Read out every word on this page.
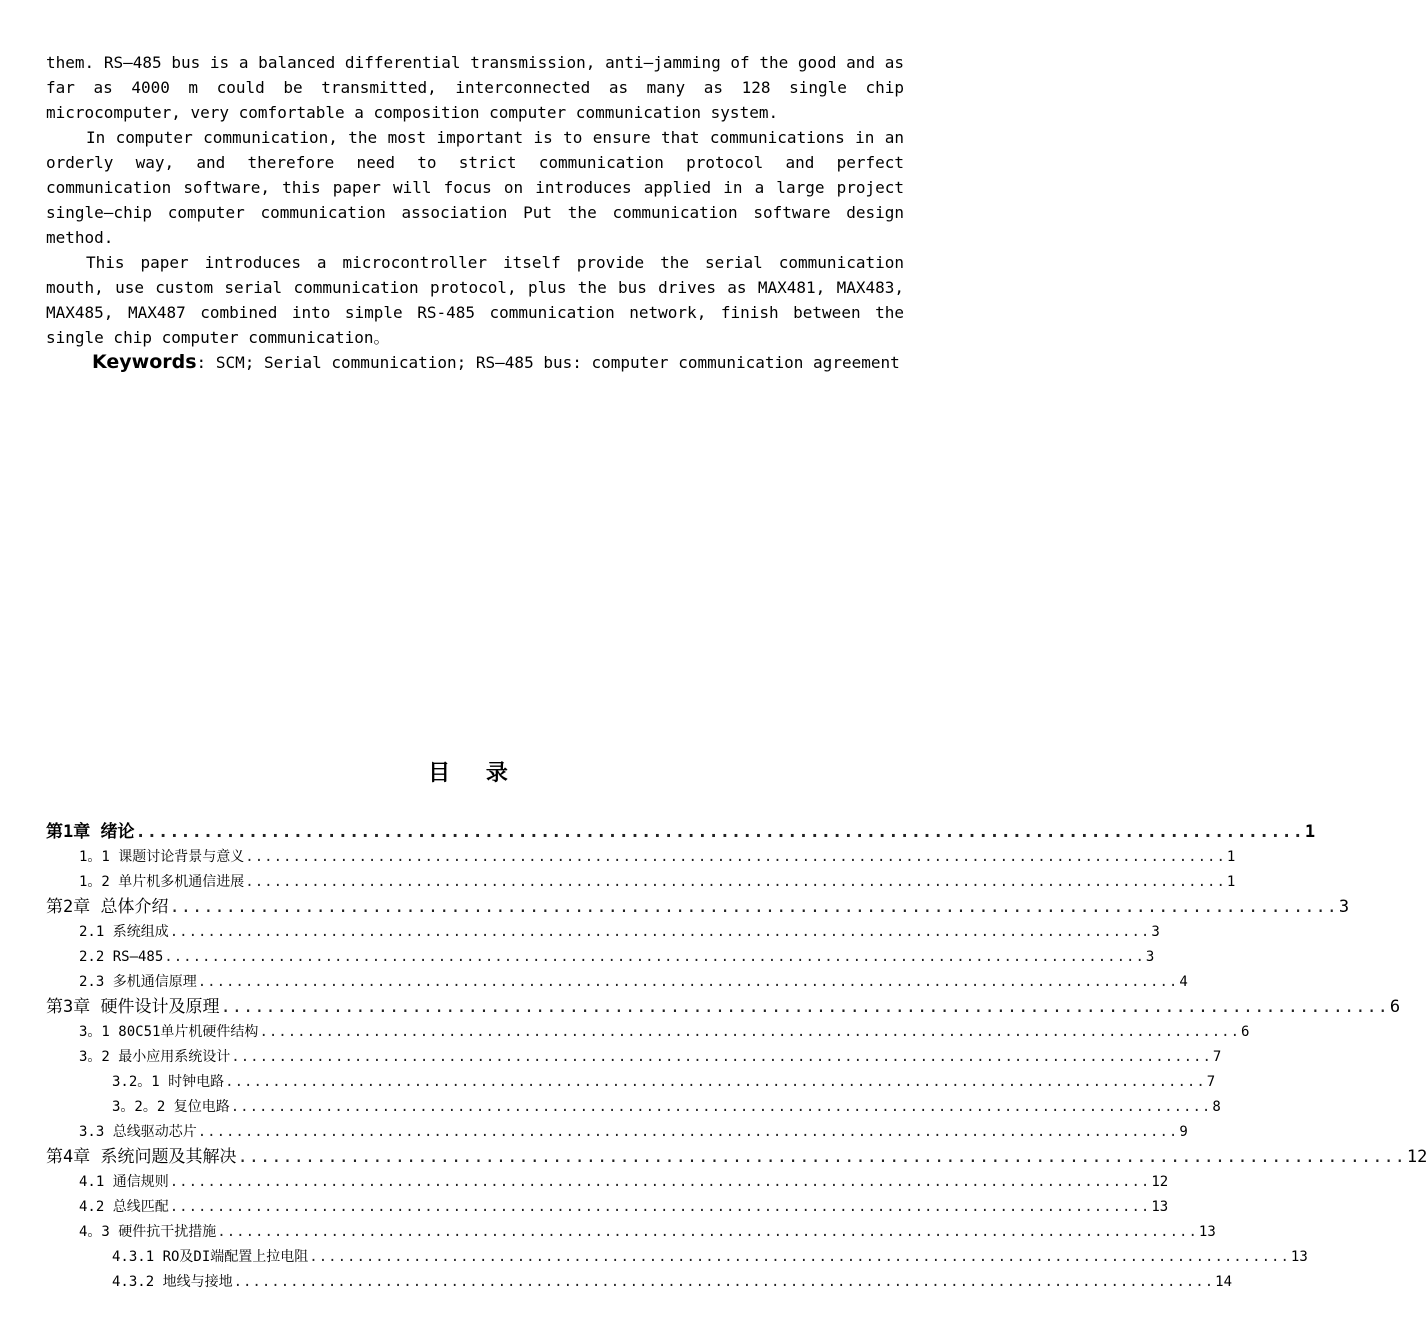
them. RS—485 bus is a balanced differential transmission, anti—jamming of the good and as far as 4000 m could be transmitted, interconnected as many as 128 single chip microcomputer, very comfortable a composition computer communication system.

In computer communication, the most important is to ensure that communications in an orderly way, and therefore need to strict communication protocol and perfect communication software, this paper will focus on introduces applied in a large project single—chip computer communication association Put the communication software design method.

This paper introduces a microcontroller itself provide the serial communication mouth, use custom serial communication protocol, plus the bus drives as MAX481, MAX483, MAX485, MAX487 combined into simple RS-485 communication network, finish between the single chip computer communication。

Keywords: SCM; Serial communication; RS—485 bus: computer communication agreement

目 录
第1章 绪论 ........................................................................................................ 1
1。1 课题讨论背景与意义 ........................................................................................................ 1
1。2 单片机多机通信进展 ........................................................................................................ 1
第2章 总体介绍 ........................................................................................................ 3
2.1 系统组成 ........................................................................................................ 3
2.2 RS—485 ........................................................................................................ 3
2.3 多机通信原理 ........................................................................................................ 4
第3章 硬件设计及原理 ........................................................................................................ 6
3。1 80C51单片机硬件结构 ........................................................................................................ 6
3。2 最小应用系统设计 ........................................................................................................ 7
3.2。1 时钟电路 ........................................................................................................ 7
3。2。2 复位电路 ........................................................................................................ 8
3.3 总线驱动芯片 ........................................................................................................ 9
第4章 系统问题及其解决 ........................................................................................................ 12
4.1 通信规则 ........................................................................................................ 12
4.2 总线匹配 ........................................................................................................ 13
4。3 硬件抗干扰措施 ........................................................................................................ 13
4.3.1 RO及DI端配置上拉电阻 ........................................................................................................ 13
4.3.2 地线与接地 ........................................................................................................ 14
